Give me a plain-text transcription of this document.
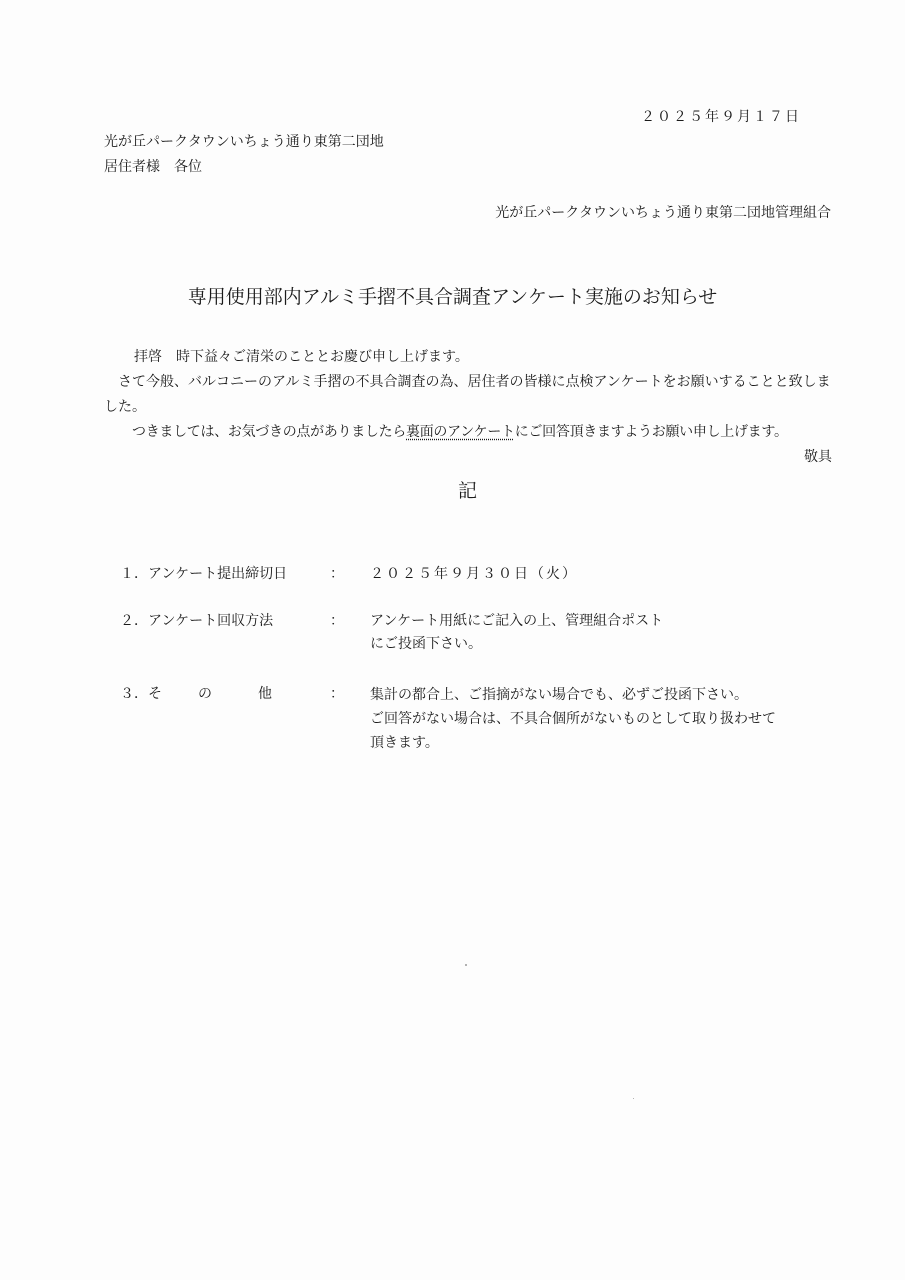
２０２５年９月１７日
光が丘パークタウンいちょう通り東第二団地
居住者様　各位
光が丘パークタウンいちょう通り東第二団地管理組合
専用使用部内アルミ手摺不具合調査アンケート実施のお知らせ

拝啓　時下益々ご清栄のこととお慶び申し上げます。

さて今般、バルコニーのアルミ手摺の不具合調査の為、居住者の皆様に点検アンケートをお願いすることと致しました。

つきましては、お気づきの点がありましたら裏面のアンケートにご回答頂きますようお願い申し上げます。

敬具

記
１．アンケート提出締切日	： ２０２５年９月３０日（火）
２．アンケート回収方法	： アンケート用紙にご記入の上、管理組合ポスト
にご投函下さい。
３．そ	の	他	： 集計の都合上、ご指摘がない場合でも、必ずご投函下さい。
ご回答がない場合は、不具合個所がないものとして取り扱わせて
頂きます。
